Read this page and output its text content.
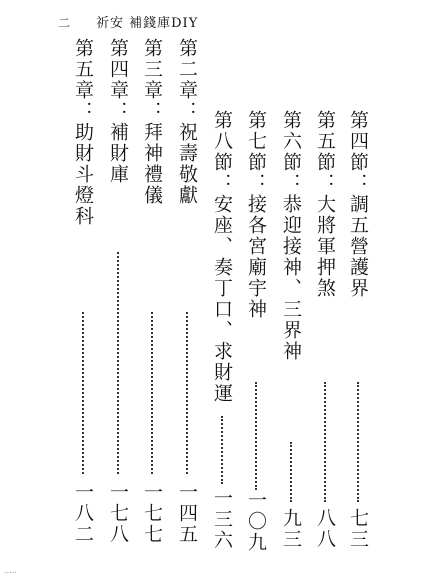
二 祈安 補錢庫DIY
第四節：調五營護界
七三
第五節：大將軍押煞
八八
第六節：恭迎接神、三界神
九三
第七節：接各宮廟宇神
一〇九
第八節：安座、奏丁口、求財運
一三六
第二章：祝壽敬獻
一四五
第三章：拜神禮儀
一七七
第四章：補財庫
一七八
第五章：助財斗燈科
一八二
.....
